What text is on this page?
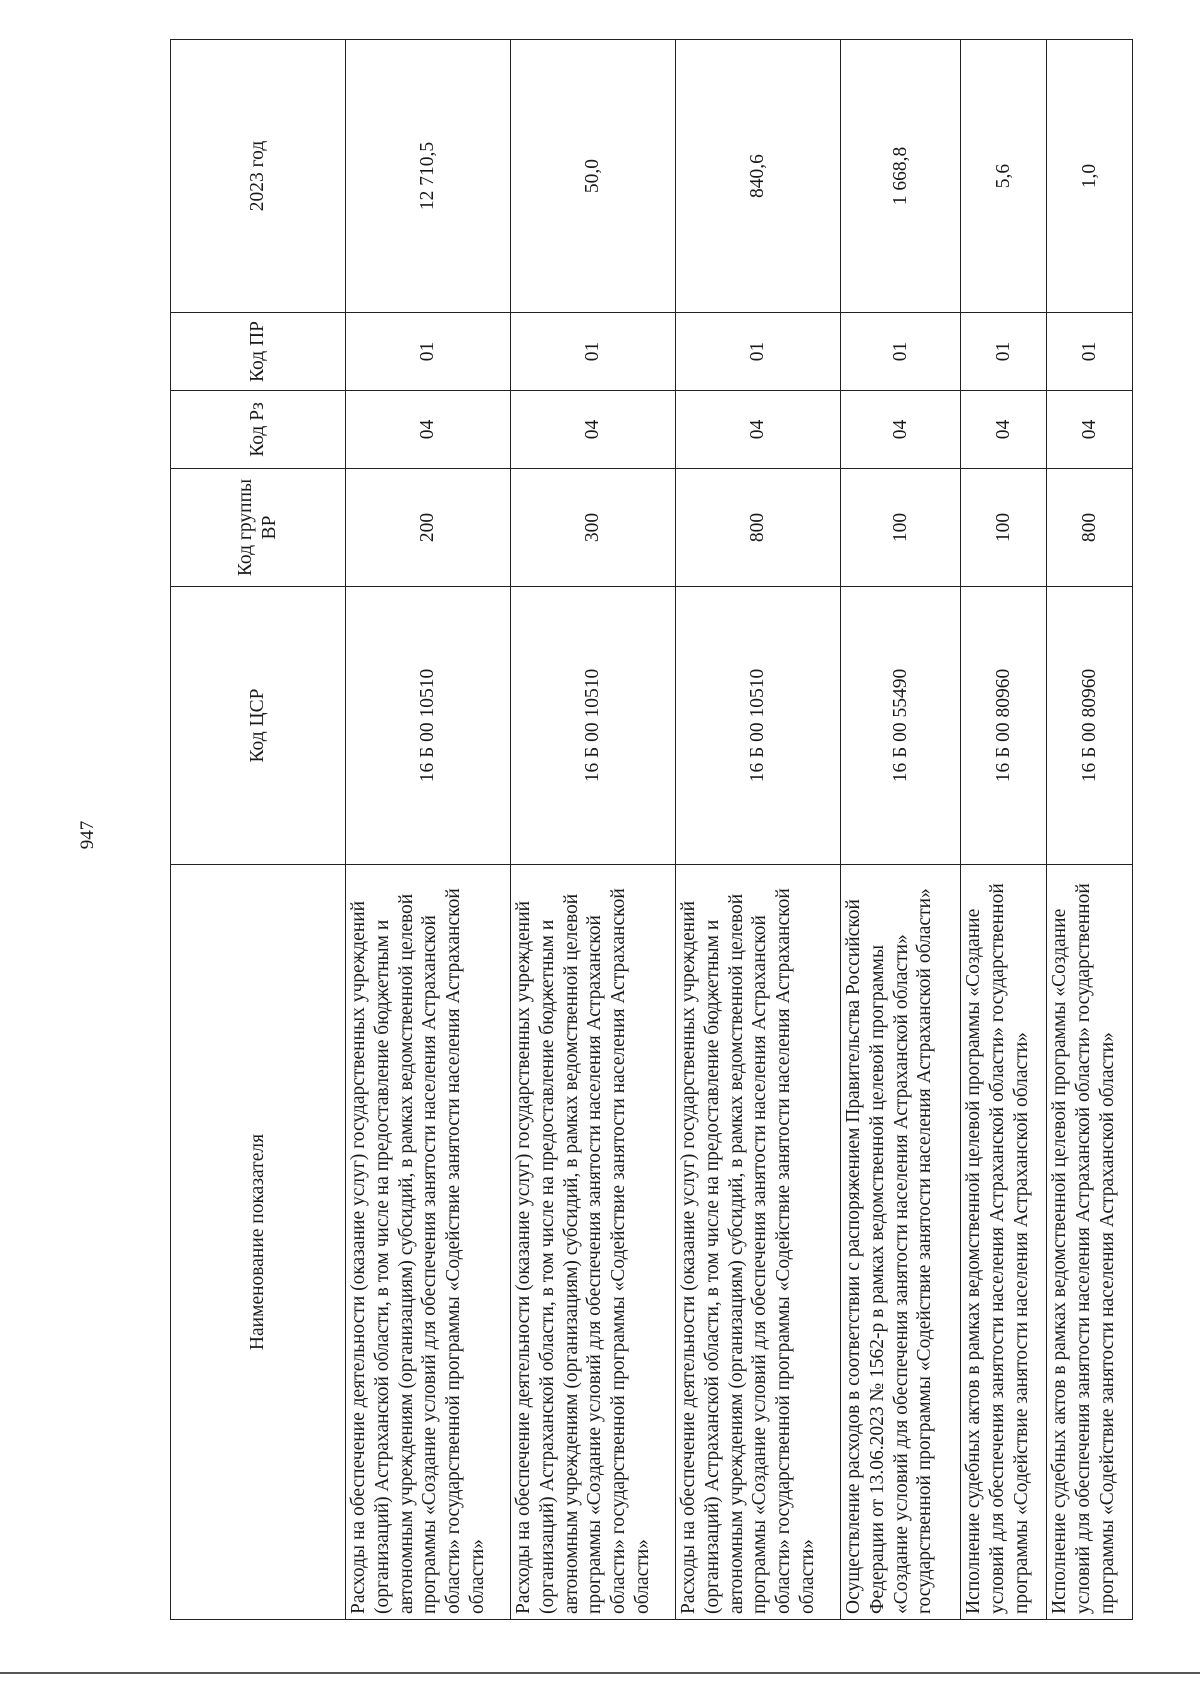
947
Наименование показателя	Код ЦСР	Код группы ВР	Код Рз	Код ПР	2023 год
Расходы на обеспечение деятельности (оказание услуг) государственных учреждений (организаций) Астраханской области, в том числе на предоставление бюджетным и автономным учреждениям (организациям) субсидий, в рамках ведомственной целевой программы «Создание условий для обеспечения занятости населения Астраханской области» государственной программы «Содействие занятости населения Астраханской области»	16 Б 00 10510	200	04	01	12 710,5
Расходы на обеспечение деятельности (оказание услуг) государственных учреждений (организаций) Астраханской области, в том числе на предоставление бюджетным и автономным учреждениям (организациям) субсидий, в рамках ведомственной целевой программы «Создание условий для обеспечения занятости населения Астраханской области» государственной программы «Содействие занятости населения Астраханской области»	16 Б 00 10510	300	04	01	50,0
Расходы на обеспечение деятельности (оказание услуг) государственных учреждений (организаций) Астраханской области, в том числе на предоставление бюджетным и автономным учреждениям (организациям) субсидий, в рамках ведомственной целевой программы «Создание условий для обеспечения занятости населения Астраханской области» государственной программы «Содействие занятости населения Астраханской области»	16 Б 00 10510	800	04	01	840,6
Осуществление расходов в соответствии с распоряжением Правительства Российской Федерации от 13.06.2023 № 1562-р в рамках ведомственной целевой программы «Создание условий для обеспечения занятости населения Астраханской области» государственной программы «Содействие занятости населения Астраханской области»	16 Б 00 55490	100	04	01	1 668,8
Исполнение судебных актов в рамках ведомственной целевой программы «Создание условий для обеспечения занятости населения Астраханской области» государственной программы «Содействие занятости населения Астраханской области»	16 Б 00 80960	100	04	01	5,6
Исполнение судебных актов в рамках ведомственной целевой программы «Создание условий для обеспечения занятости населения Астраханской области» государственной программы «Содействие занятости населения Астраханской области»	16 Б 00 80960	800	04	01	1,0
